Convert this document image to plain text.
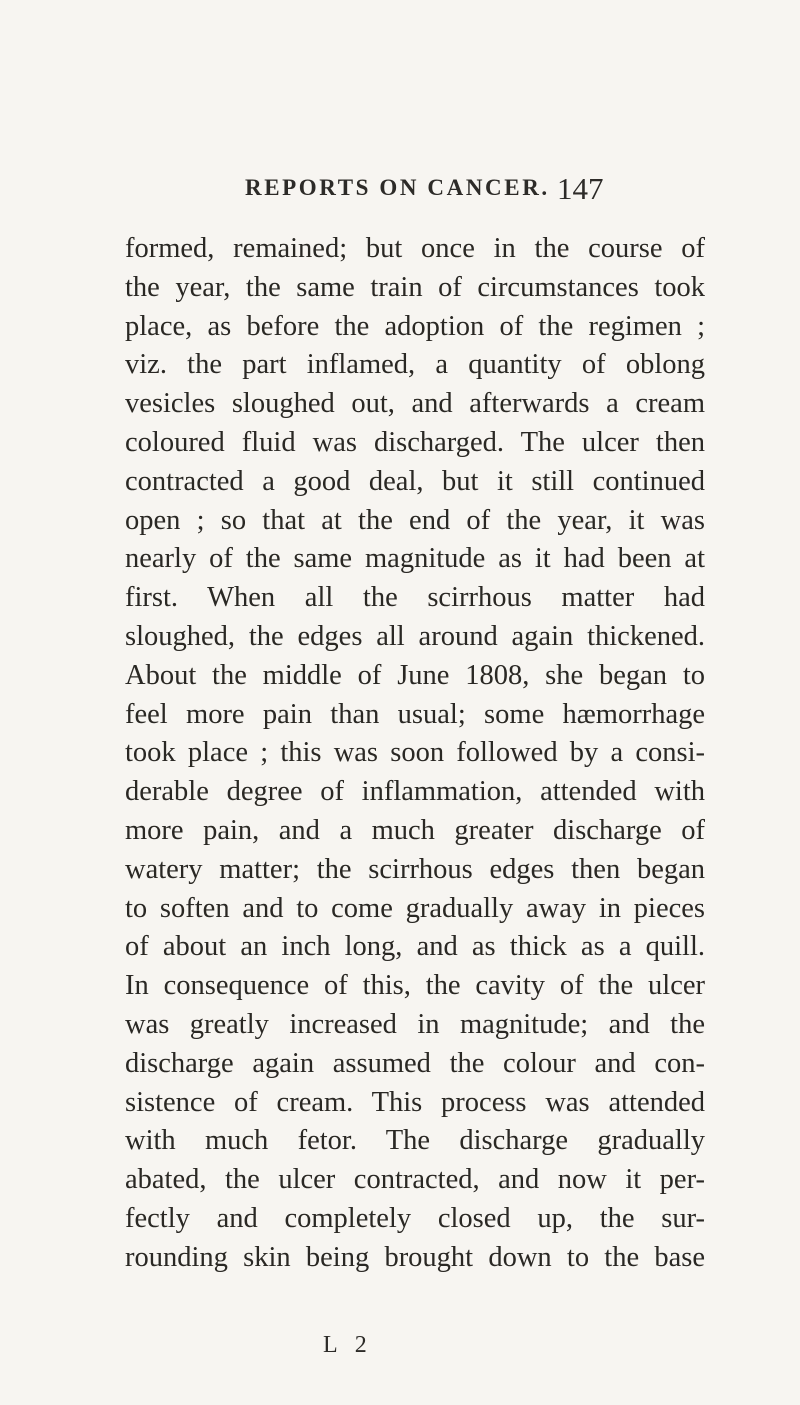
REPORTS ON CANCER. 147
formed, remained; but once in the course of
the year, the same train of circumstances took
place, as before the adoption of the regimen ;
viz. the part inflamed, a quantity of oblong
vesicles sloughed out, and afterwards a cream
coloured fluid was discharged. The ulcer then
contracted a good deal, but it still continued
open ; so that at the end of the year, it was
nearly of the same magnitude as it had been at
first. When all the scirrhous matter had
sloughed, the edges all around again thickened.
About the middle of June 1808, she began to
feel more pain than usual; some hæmorrhage
took place ; this was soon followed by a consi-
derable degree of inflammation, attended with
more pain, and a much greater discharge of
watery matter; the scirrhous edges then began
to soften and to come gradually away in pieces
of about an inch long, and as thick as a quill.
In consequence of this, the cavity of the ulcer
was greatly increased in magnitude; and the
discharge again assumed the colour and con-
sistence of cream. This process was attended
with much fetor. The discharge gradually
abated, the ulcer contracted, and now it per-
fectly and completely closed up, the sur-
rounding skin being brought down to the base
L 2
